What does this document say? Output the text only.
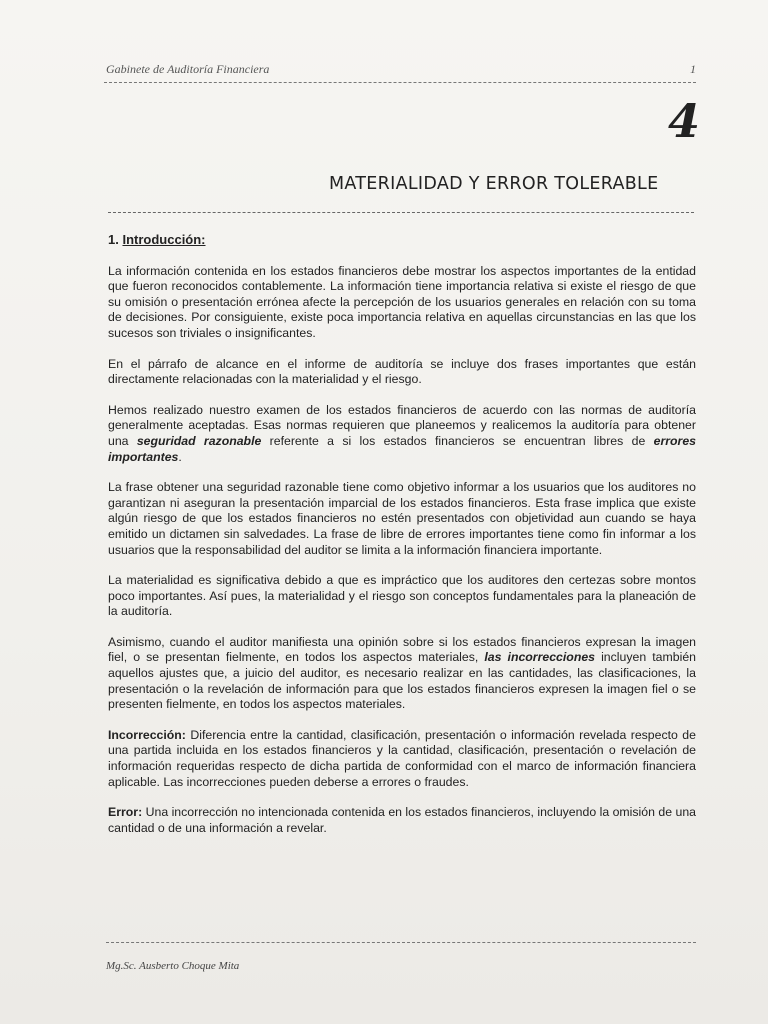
Gabinete de Auditoría Financiera	1
4
MATERIALIDAD Y ERROR TOLERABLE
1. Introducción:

La información contenida en los estados financieros debe mostrar los aspectos importantes de la entidad que fueron reconocidos contablemente. La información tiene importancia relativa si existe el riesgo de que su omisión o presentación errónea afecte la percepción de los usuarios generales en relación con su toma de decisiones. Por consiguiente, existe poca importancia relativa en aquellas circunstancias en las que los sucesos son triviales o insignificantes.

En el párrafo de alcance en el informe de auditoría se incluye dos frases importantes que están directamente relacionadas con la materialidad y el riesgo.

Hemos realizado nuestro examen de los estados financieros de acuerdo con las normas de auditoría generalmente aceptadas. Esas normas requieren que planeemos y realicemos la auditoría para obtener una seguridad razonable referente a si los estados financieros se encuentran libres de errores importantes.

La frase obtener una seguridad razonable tiene como objetivo informar a los usuarios que los auditores no garantizan ni aseguran la presentación imparcial de los estados financieros. Esta frase implica que existe algún riesgo de que los estados financieros no estén presentados con objetividad aun cuando se haya emitido un dictamen sin salvedades. La frase de libre de errores importantes tiene como fin informar a los usuarios que la responsabilidad del auditor se limita a la información financiera importante.

La materialidad es significativa debido a que es impráctico que los auditores den certezas sobre montos poco importantes. Así pues, la materialidad y el riesgo son conceptos fundamentales para la planeación de la auditoría.

Asimismo, cuando el auditor manifiesta una opinión sobre si los estados financieros expresan la imagen fiel, o se presentan fielmente, en todos los aspectos materiales, las incorrecciones incluyen también aquellos ajustes que, a juicio del auditor, es necesario realizar en las cantidades, las clasificaciones, la presentación o la revelación de información para que los estados financieros expresen la imagen fiel o se presenten fielmente, en todos los aspectos materiales.

Incorrección: Diferencia entre la cantidad, clasificación, presentación o información revelada respecto de una partida incluida en los estados financieros y la cantidad, clasificación, presentación o revelación de información requeridas respecto de dicha partida de conformidad con el marco de información financiera aplicable. Las incorrecciones pueden deberse a errores o fraudes.

Error: Una incorrección no intencionada contenida en los estados financieros, incluyendo la omisión de una cantidad o de una información a revelar.

Mg.Sc. Ausberto Choque Mita
